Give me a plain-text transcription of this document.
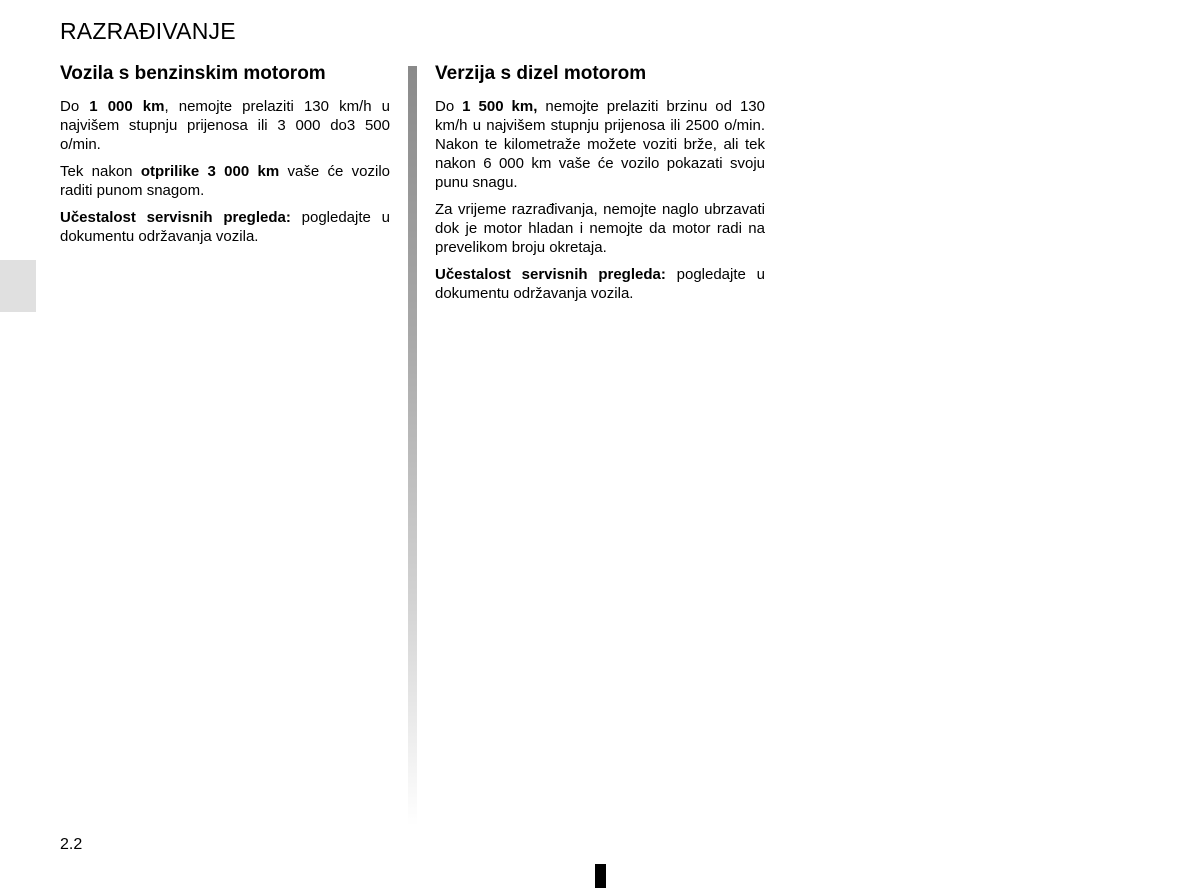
RAZRAĐIVANJE
Vozila s benzinskim motorom

Do 1 000 km, nemojte prelaziti 130 km/h u najvišem stupnju prijenosa ili 3 000 do3 500 o/min.

Tek nakon otprilike 3 000 km vaše će vozilo raditi punom snagom.

Učestalost servisnih pregleda: pogledajte u dokumentu održavanja vozila.

Verzija s dizel motorom

Do 1 500 km, nemojte prelaziti brzinu od 130 km/h u najvišem stupnju prijenosa ili 2500 o/min. Nakon te kilometraže možete voziti brže, ali tek nakon 6 000 km vaše će vozilo pokazati svoju punu snagu.

Za vrijeme razrađivanja, nemojte naglo ubrzavati dok je motor hladan i nemojte da motor radi na prevelikom broju okretaja.

Učestalost servisnih pregleda: pogledajte u dokumentu održavanja vozila.

2.2
